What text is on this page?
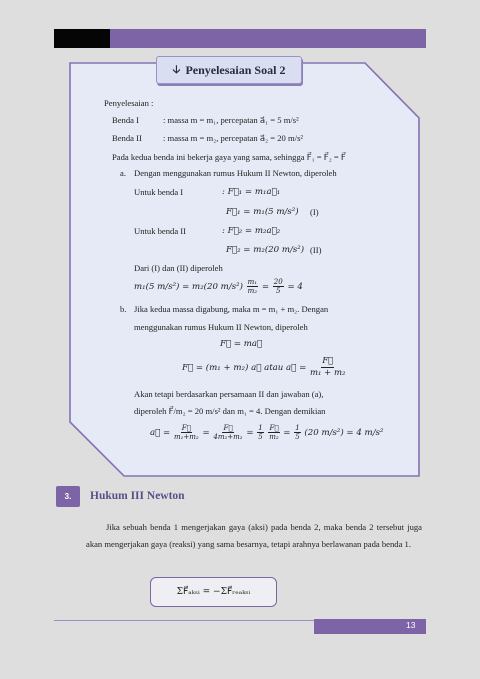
🡣 Penyelesaian Soal 2
Penyelesaian :
Benda I	: massa m = m₁, percepatan a⃗₁ = 5 m/s²
Benda II : massa m = m₂, percepatan a⃗₂ = 20 m/s²
Pada kedua benda ini bekerja gaya yang sama, sehingga F⃗₁ = F⃗₂ = F⃗
a. Dengan menggunakan rumus Hukum II Newton, diperoleh
Untuk benda I	: F⃗₁ = m₁a⃗₁
F⃗₁ = m₁(5 m/s²) (I)
Untuk benda II	: F⃗₂ = m₂a⃗₂
F⃗₂ = m₂(20 m/s²) (II)
Dari (I) dan (II) diperoleh
m₁(5 m/s²) = m₂(20 $m/s^2) \frac{\text{m₁}}{\text{m₂}} = \frac{20}{5} = 4$
b. Jika kedua massa digabung, maka m = m₁ + m₂. Dengan
menggunakan rumus Hukum II Newton, diperoleh
F⃗ = ma⃗
F⃗ = (m₁ + m₂) a⃗ atau a⃗ = $\frac{F⃗}{\text{m₁ + m₂}}$
Akan tetapi berdasarkan persamaan II dan jawaban (a),
diperoleh F⃗/m₂ = 20 m/s² dan m₁ = 4. Dengan demikian
a⃗ = $\frac{F⃗}{\text{m₁+m₂}} = \frac{F⃗}{\text{4m₂+m₂}} = \frac{1}{5}$
$\frac{F⃗}{\text{m₂}} = \frac{1}{5} (20$ m/s²) = 4 m/s²
3.	Hukum III Newton
Jika sebuah benda 1 mengerjakan gaya (aksi) pada benda 2, maka benda 2 tersebut juga akan mengerjakan gaya (reaksi) yang sama besarnya, tetapi arahnya berlawanan pada benda 1.
ΣF⃗ₐₖₛᵢ = −ΣF⃗ᵣₑₐₖₛᵢ
13
